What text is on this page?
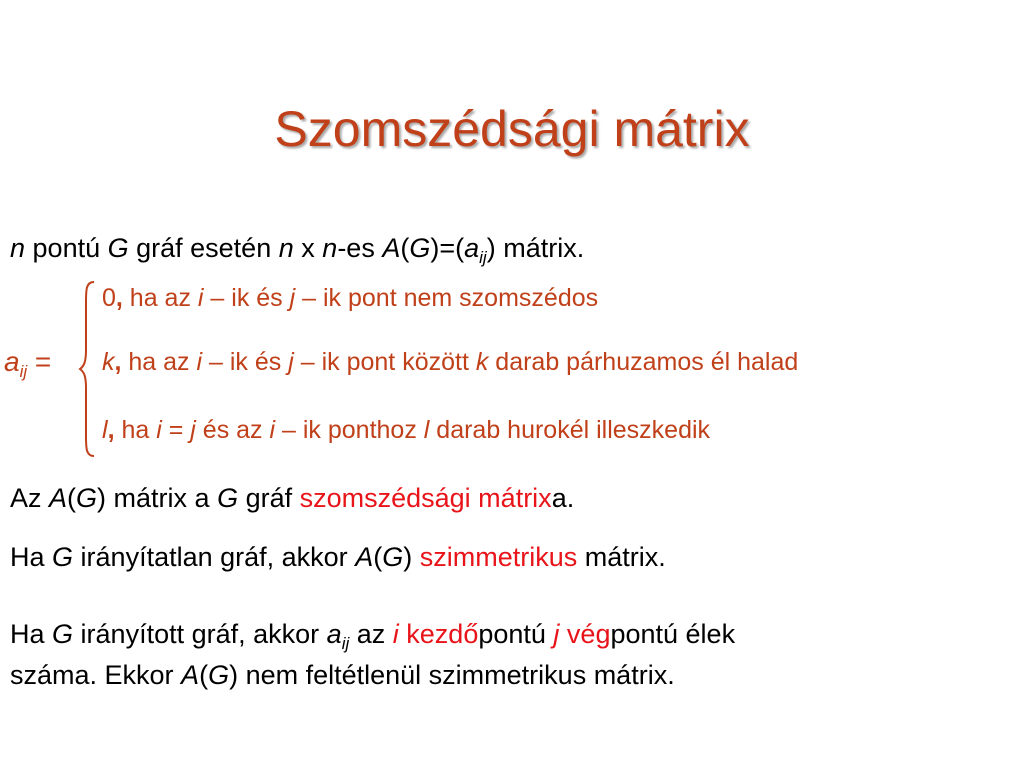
Szomszédsági mátrix
n pontú G gráf esetén n x n-es $A(G)=(a_{ij})$ mátrix.
$a_{ij}$ =
0, ha az i – ik és j – ik pont nem szomszédos
k, ha az i – ik és j – ik pont között k darab párhuzamos él halad
l, ha i = j és az i – ik ponthoz l darab hurokél illeszkedik
Az A(G) mátrix a G gráf szomszédsági mátrixa.
Ha G irányítatlan gráf, akkor A(G) szimmetrikus mátrix.
Ha G irányított gráf, akkor $a_{ij}$ az i kezdőpontú j végpontú élek
száma. Ekkor A(G) nem feltétlenül szimmetrikus mátrix.
